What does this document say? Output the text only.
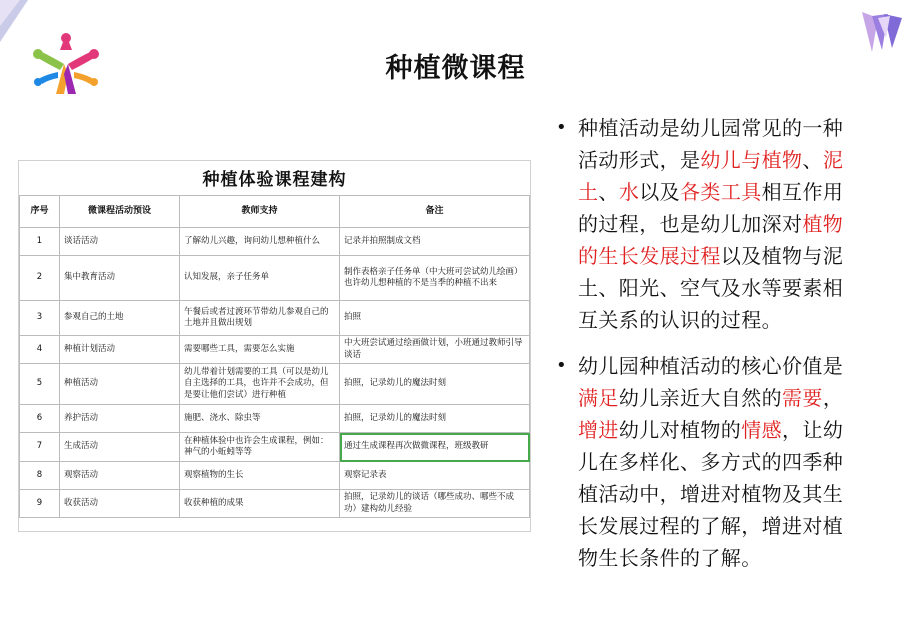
种植微课程
种植体验课程建构
序号	微课程活动预设	教师支持	备注
1	谈话活动	了解幼儿兴趣，询问幼儿想种植什么	记录并拍照制成文档
2	集中教育活动	认知发展，亲子任务单	制作表格亲子任务单（中大班可尝试幼儿绘画）也许幼儿想种植的不是当季的种植不出来
3	参观自己的土地	午餐后或者过渡环节带幼儿参观自己的土地并且做出规划	拍照
4	种植计划活动	需要哪些工具，需要怎么实施	中大班尝试通过绘画做计划，小班通过教师引导谈话
5	种植活动	幼儿带着计划需要的工具（可以是幼儿自主选择的工具，也许并不会成功，但是要让他们尝试）进行种植	拍照，记录幼儿的魔法时刻
6	养护活动	施肥、浇水、除虫等	拍照，记录幼儿的魔法时刻
7	生成活动	在种植体验中也许会生成课程，例如：神气的小蚯蚓等等	通过生成课程再次做微课程，班级教研
8	观察活动	观察植物的生长	观察记录表
9	收获活动	收获种植的成果	拍照，记录幼儿的谈话（哪些成功、哪些不成功）建构幼儿经验
• 种植活动是幼儿园常见的一种活动形式，是幼儿与植物、泥土、水以及各类工具相互作用的过程，也是幼儿加深对植物的生长发展过程以及植物与泥土、阳光、空气及水等要素相互关系的认识的过程。
• 幼儿园种植活动的核心价值是满足幼儿亲近大自然的需要，增进幼儿对植物的情感，让幼儿在多样化、多方式的四季种植活动中，增进对植物及其生长发展过程的了解，增进对植物生长条件的了解。
